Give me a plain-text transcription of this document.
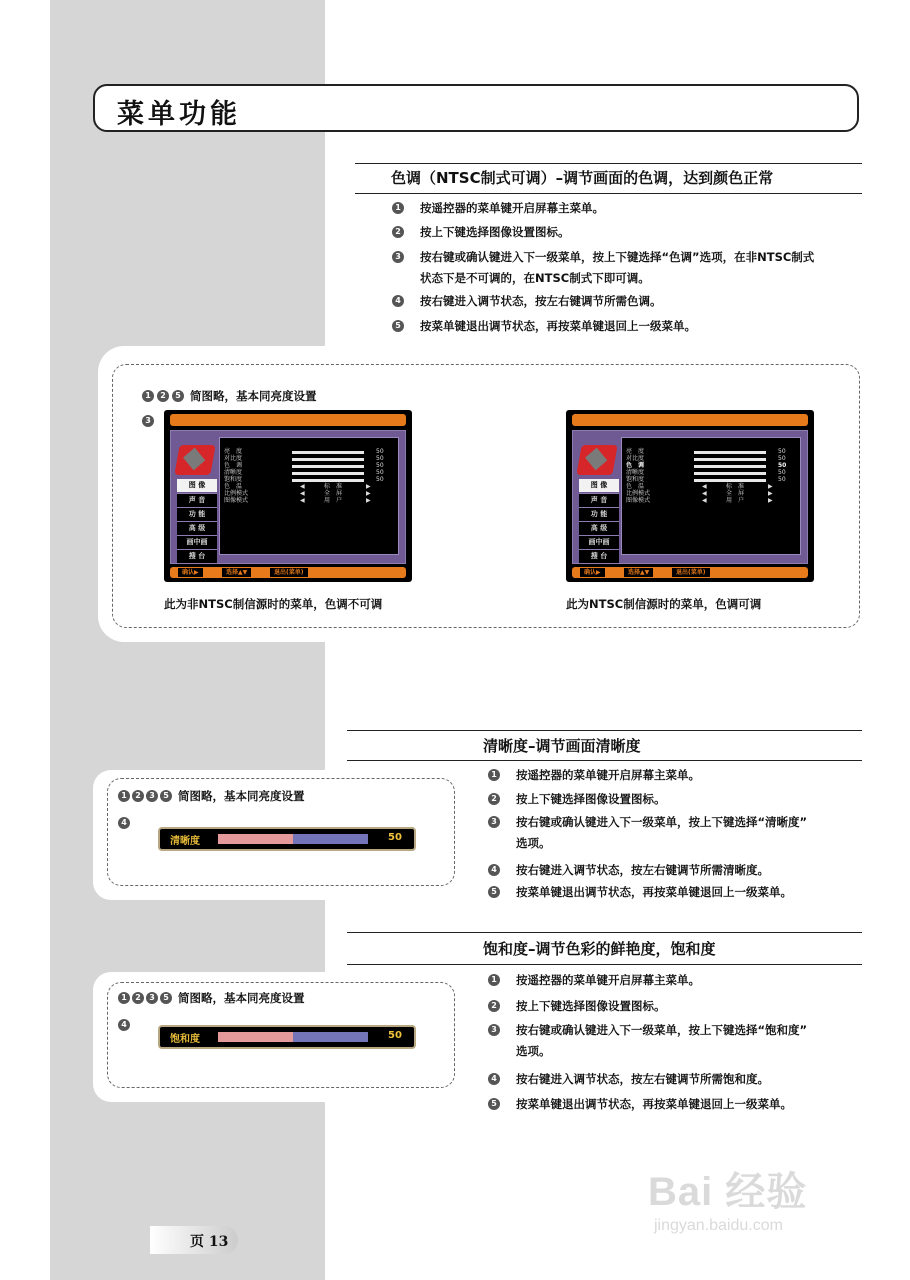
菜单功能
色调（NTSC制式可调）–调节画面的色调，达到颜色正常
1 按遥控器的菜单键开启屏幕主菜单。
2 按上下键选择图像设置图标。
3 按右键或确认键进入下一级菜单，按上下键选择“色调”选项，在非NTSC制式
状态下是不可调的，在NTSC制式下即可调。
4 按右键进入调节状态，按左右键调节所需色调。
5 按菜单键退出调节状态，再按菜单键退回上一级菜单。
1 2 5 简图略，基本同亮度设置
3
图 像
声 音
功 能
高 级
画中画
搜 台
亮　度
对比度
色　调
清晰度
饱和度
色　温
比例模式
图像模式
50
50
50
50
50
◀	标　准	▶
◀	全　屏	▶
◀	用　户	▶
确认▶	选择▲▼	退出(菜单)
图 像
声 音
功 能
高 级
画中画
搜 台
亮　度
对比度
色　调
清晰度
饱和度
色　温
比例模式
图像模式
50
50
50
50
50
◀	标　准	▶
◀	全　屏	▶
◀	用　户	▶
确认▶	选择▲▼	退出(菜单)
此为非NTSC制信源时的菜单，色调不可调	此为NTSC制信源时的菜单，色调可调
清晰度–调节画面清晰度
1 按遥控器的菜单键开启屏幕主菜单。
2 按上下键选择图像设置图标。
3 按右键或确认键进入下一级菜单，按上下键选择“清晰度”
选项。
4 按右键进入调节状态，按左右键调节所需清晰度。
5 按菜单键退出调节状态，再按菜单键退回上一级菜单。
1 2 3 5 简图略，基本同亮度设置
4
清晰度	50
饱和度–调节色彩的鲜艳度，饱和度
1 按遥控器的菜单键开启屏幕主菜单。
2 按上下键选择图像设置图标。
3 按右键或确认键进入下一级菜单，按上下键选择“饱和度”
选项。
4 按右键进入调节状态，按左右键调节所需饱和度。
5 按菜单键退出调节状态，再按菜单键退回上一级菜单。
1 2 3 5 简图略，基本同亮度设置
4
饱和度	50
页 13
Bai 经验
jingyan.baidu.com
